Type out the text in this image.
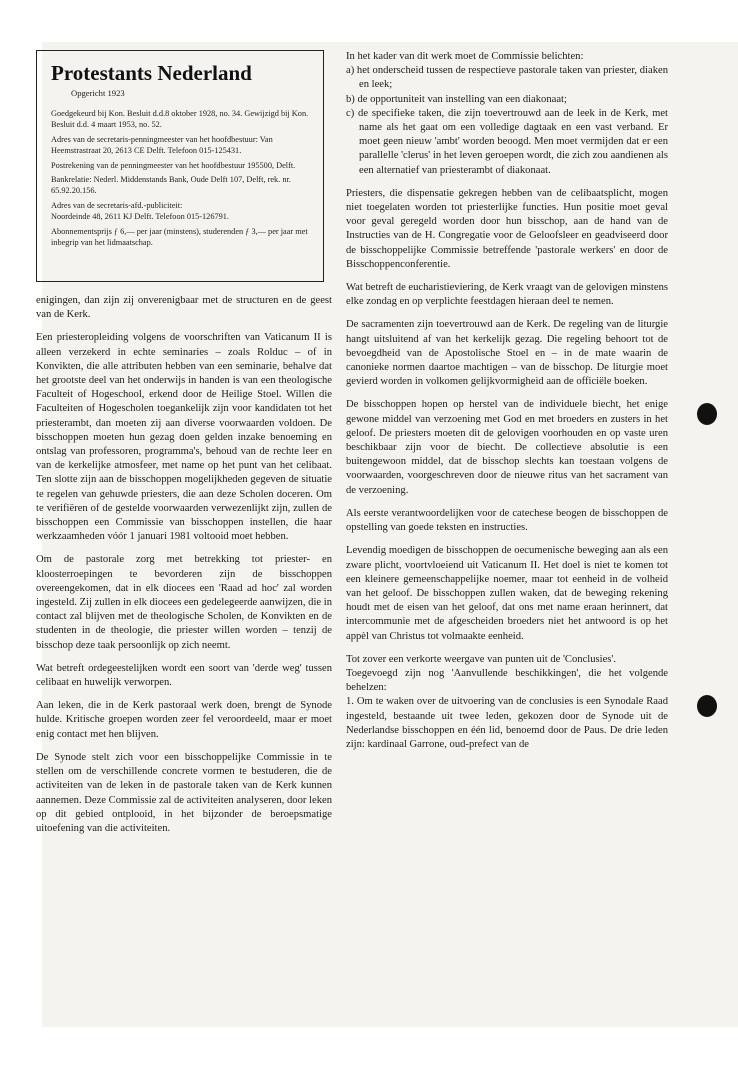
Protestants Nederland
Opgericht 1923

Goedgekeurd bij Kon. Besluit d.d.8 oktober 1928, no. 34. Gewijzigd bij Kon. Besluit d.d. 4 maart 1953, no. 52.

Adres van de secretaris-penningmeester van het hoofdbestuur: Van Heemstrastraat 20, 2613 CE Delft. Telefoon 015-125431.

Postrekening van de penningmeester van het hoofdbestuur 195500, Delft.

Bankrelatie: Nederl. Middenstands Bank, Oude Delft 107, Delft, rek. nr. 65.92.20.156.

Adres van de secretaris-afd.-publiciteit:

Noordeinde 48, 2611 KJ Delft. Telefoon 015-126791.

Abonnementsprijs ƒ 6,— per jaar (minstens), studerenden ƒ 3,— per jaar met inbegrip van het lidmaatschap.

enigingen, dan zijn zij onverenigbaar met de structuren en de geest van de Kerk.

Een priesteropleiding volgens de voorschriften van Vaticanum II is alleen verzekerd in echte seminaries – zoals Rolduc – of in Konvikten, die alle attributen hebben van een seminarie, behalve dat het grootste deel van het onderwijs in handen is van een theologische Faculteit of Hogeschool, erkend door de Heilige Stoel. Willen die Faculteiten of Hogescholen toegankelijk zijn voor kandidaten tot het priesterambt, dan moeten zij aan diverse voorwaarden voldoen. De bisschoppen moeten hun gezag doen gelden inzake benoeming en ontslag van professoren, programma's, behoud van de rechte leer en van de kerkelijke atmosfeer, met name op het punt van het celibaat. Ten slotte zijn aan de bisschoppen mogelijkheden gegeven de situatie te regelen van gehuwde priesters, die aan deze Scholen doceren. Om te verifiëren of de gestelde voorwaarden verwezenlijkt zijn, zullen de bisschoppen een Commissie van bisschoppen instellen, die haar werkzaamheden vóór 1 januari 1981 voltooid moet hebben.

Om de pastorale zorg met betrekking tot priester- en kloosterroepingen te bevorderen zijn de bisschoppen overeengekomen, dat in elk diocees een 'Raad ad hoc' zal worden ingesteld. Zij zullen in elk diocees een gedelegeerde aanwijzen, die in contact zal blijven met de theologische Scholen, de Konvikten en de studenten in de theologie, die priester willen worden – tenzij de bisschop deze taak persoonlijk op zich neemt.

Wat betreft ordegeestelijken wordt een soort van 'derde weg' tussen celibaat en huwelijk verworpen.

Aan leken, die in de Kerk pastoraal werk doen, brengt de Synode hulde. Kritische groepen worden zeer fel veroordeeld, maar er moet enig contact met hen blijven.

De Synode stelt zich voor een bisschoppelijke Commissie in te stellen om de verschillende concrete vormen te bestuderen, die de activiteiten van de leken in de pastorale taken van de Kerk kunnen aannemen. Deze Commissie zal de activiteiten analyseren, door leken op dit gebied ontplooid, in het bijzonder de beroepsmatige uitoefening van die activiteiten.

In het kader van dit werk moet de Commissie belichten:

a) het onderscheid tussen de respectieve pastorale taken van priester, diaken en leek;
b) de opportuniteit van instelling van een diakonaat;
c) de specifieke taken, die zijn toevertrouwd aan de leek in de Kerk, met name als het gaat om een volledige dagtaak en een vast verband. Er moet geen nieuw 'ambt' worden beoogd. Men moet vermijden dat er een parallelle 'clerus' in het leven geroepen wordt, die zich zou aandienen als een alternatief van priesterambt of diakonaat.

Priesters, die dispensatie gekregen hebben van de celibaatsplicht, mogen niet toegelaten worden tot priesterlijke functies. Hun positie moet geval voor geval geregeld worden door hun bisschop, aan de hand van de Instructies van de H. Congregatie voor de Geloofsleer en geadviseerd door de bisschoppelijke Commissie betreffende 'pastorale werkers' en door de Bisschoppenconferentie.

Wat betreft de eucharistieviering, de Kerk vraagt van de gelovigen minstens elke zondag en op verplichte feestdagen hieraan deel te nemen.

De sacramenten zijn toevertrouwd aan de Kerk. De regeling van de liturgie hangt uitsluitend af van het kerkelijk gezag. Die regeling behoort tot de bevoegdheid van de Apostolische Stoel en – in de mate waarin de canonieke normen daartoe machtigen – van de bisschop. De liturgie moet gevierd worden in volkomen gelijkvormigheid aan de officiële boeken.

De bisschoppen hopen op herstel van de individuele biecht, het enige gewone middel van verzoening met God en met broeders en zusters in het geloof. De priesters moeten dit de gelovigen voorhouden en op vaste uren beschikbaar zijn voor de biecht. De collectieve absolutie is een buitengewoon middel, dat de bisschop slechts kan toestaan volgens de voorwaarden, voorgeschreven door de nieuwe ritus van het sacrament van de verzoening.

Als eerste verantwoordelijken voor de catechese beogen de bisschoppen de opstelling van goede teksten en instructies.

Levendig moedigen de bisschoppen de oecumenische beweging aan als een zware plicht, voortvloeiend uit Vaticanum II. Het doel is niet te komen tot een kleinere gemeenschappelijke noemer, maar tot eenheid in de volheid van het geloof. De bisschoppen zullen waken, dat de beweging rekening houdt met de eisen van het geloof, dat ons met name eraan herinnert, dat intercommunie met de afgescheiden broeders niet het antwoord is op het appèl van Christus tot volmaakte eenheid.

Tot zover een verkorte weergave van punten uit de 'Conclusies'.

Toegevoegd zijn nog 'Aanvullende beschikkingen', die het volgende behelzen:

1. Om te waken over de uitvoering van de conclusies is een Synodale Raad ingesteld, bestaande uit twee leden, gekozen door de Synode uit de Nederlandse bisschoppen en één lid, benoemd door de Paus. De drie leden zijn: kardinaal Garrone, oud-prefect van de
